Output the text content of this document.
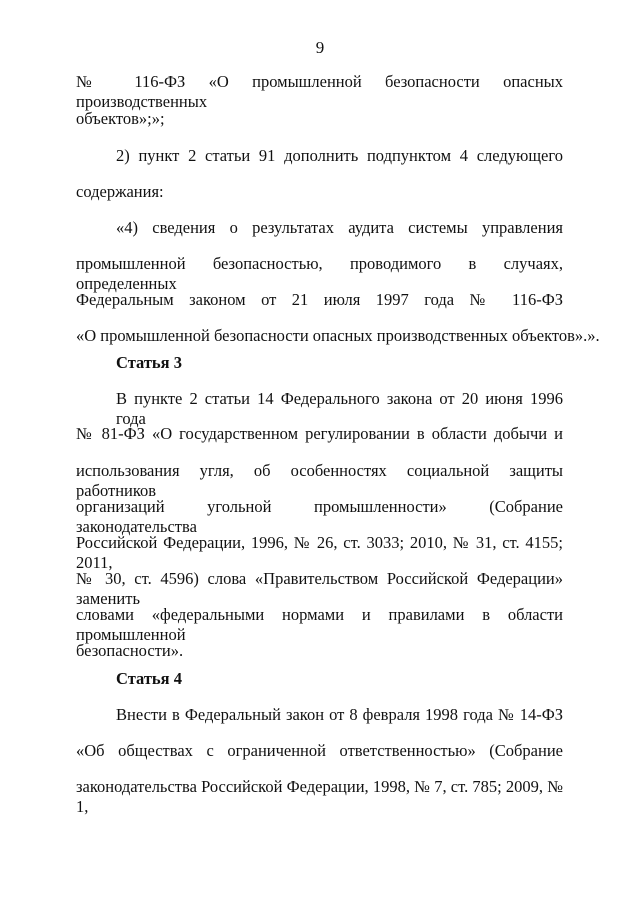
9
№ 116-ФЗ «О промышленной безопасности опасных производственных
объектов»;»;
2) пункт 2 статьи 91 дополнить подпунктом 4 следующего
содержания:
«4) сведения о результатах аудита системы управления
промышленной безопасностью, проводимого в случаях, определенных
Федеральным законом от 21 июля 1997 года № 116-ФЗ
«О промышленной безопасности опасных производственных объектов».».
Статья 3
В пункте 2 статьи 14 Федерального закона от 20 июня 1996 года
№ 81-ФЗ «О государственном регулировании в области добычи и
использования угля, об особенностях социальной защиты работников
организаций угольной промышленности» (Собрание законодательства
Российской Федерации, 1996, № 26, ст. 3033; 2010, № 31, ст. 4155; 2011,
№ 30, ст. 4596) слова «Правительством Российской Федерации» заменить
словами «федеральными нормами и правилами в области промышленной
безопасности».
Статья 4
Внести в Федеральный закон от 8 февраля 1998 года № 14-ФЗ
«Об обществах с ограниченной ответственностью» (Собрание
законодательства Российской Федерации, 1998, № 7, ст. 785; 2009, № 1,
